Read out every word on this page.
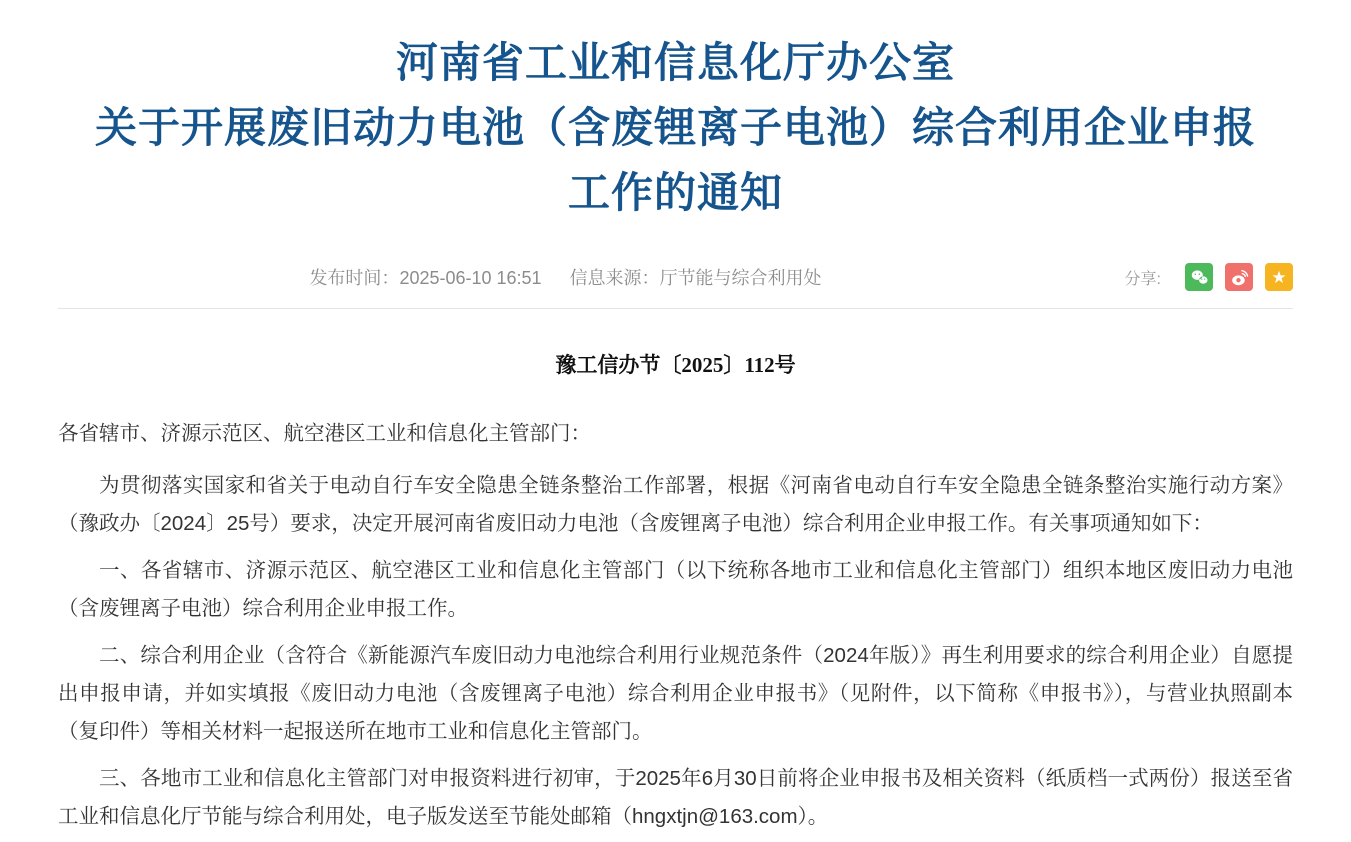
河南省工业和信息化厅办公室
关于开展废旧动力电池（含废锂离子电池）综合利用企业申报
工作的通知
发布时间：2025-06-10 16:51 信息来源：厅节能与综合利用处	分享:	★
豫工信办节〔2025〕112号

各省辖市、济源示范区、航空港区工业和信息化主管部门：

为贯彻落实国家和省关于电动自行车安全隐患全链条整治工作部署，根据《河南省电动自行车安全隐患全链条整治实施行动方案》（豫政办〔2024〕25号）要求，决定开展河南省废旧动力电池（含废锂离子电池）综合利用企业申报工作。有关事项通知如下：

一、各省辖市、济源示范区、航空港区工业和信息化主管部门（以下统称各地市工业和信息化主管部门）组织本地区废旧动力电池（含废锂离子电池）综合利用企业申报工作。

二、综合利用企业（含符合《新能源汽车废旧动力电池综合利用行业规范条件（2024年版）》再生利用要求的综合利用企业）自愿提出申报申请，并如实填报《废旧动力电池（含废锂离子电池）综合利用企业申报书》（见附件，以下简称《申报书》），与营业执照副本（复印件）等相关材料一起报送所在地市工业和信息化主管部门。

三、各地市工业和信息化主管部门对申报资料进行初审，于2025年6月30日前将企业申报书及相关资料（纸质档一式两份）报送至省工业和信息化厅节能与综合利用处，电子版发送至节能处邮箱（hngxtjn@163.com）。
